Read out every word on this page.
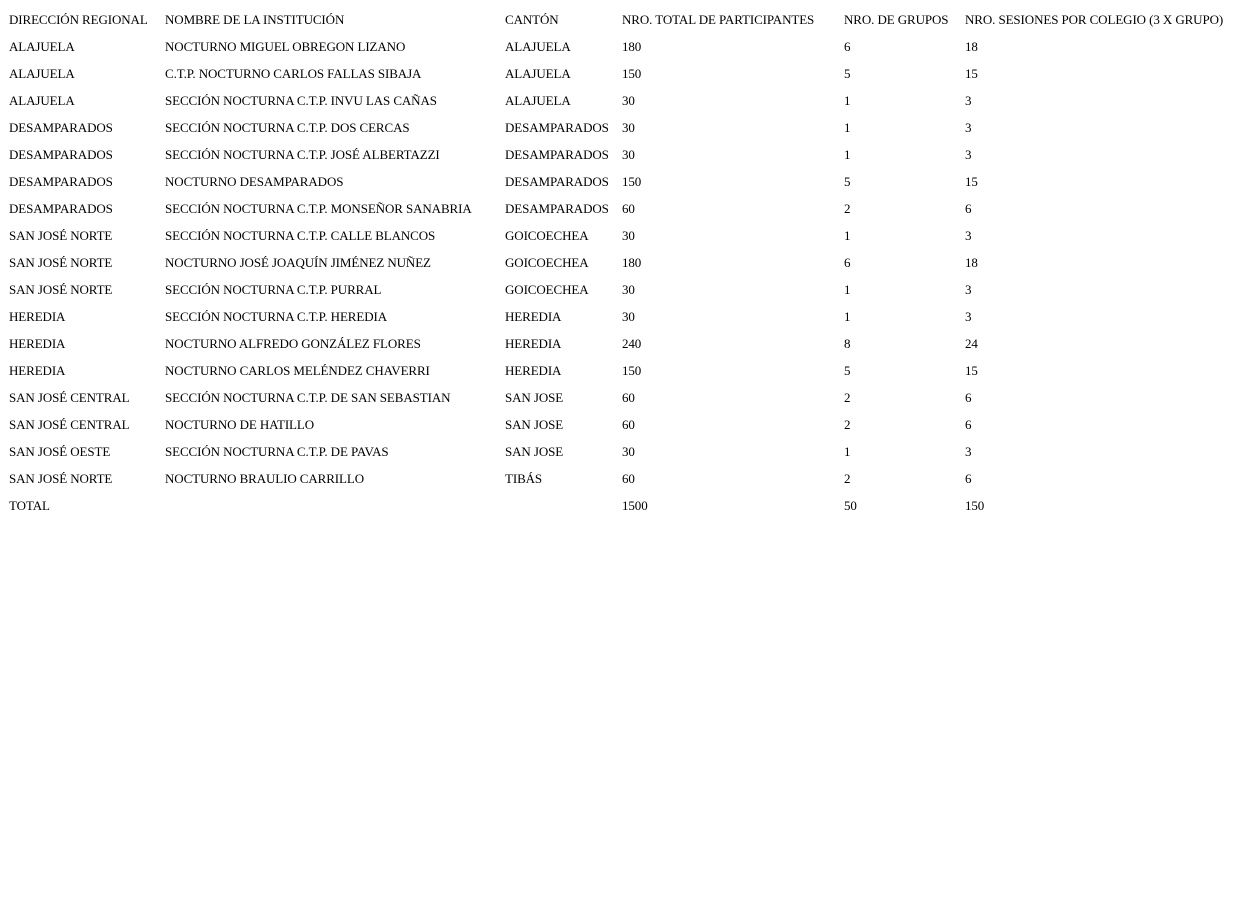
DIRECCIÓN REGIONAL	NOMBRE DE LA INSTITUCIÓN	CANTÓN	NRO. TOTAL DE PARTICIPANTES	NRO. DE GRUPOS	NRO. SESIONES POR COLEGIO (3 X GRUPO)
ALAJUELA	NOCTURNO MIGUEL OBREGON LIZANO	ALAJUELA	180	6	18
ALAJUELA	C.T.P. NOCTURNO CARLOS FALLAS SIBAJA	ALAJUELA	150	5	15
ALAJUELA	SECCIÓN NOCTURNA C.T.P. INVU LAS CAÑAS	ALAJUELA	30	1	3
DESAMPARADOS	SECCIÓN NOCTURNA C.T.P. DOS CERCAS	DESAMPARADOS	30	1	3
DESAMPARADOS	SECCIÓN NOCTURNA C.T.P. JOSÉ ALBERTAZZI	DESAMPARADOS	30	1	3
DESAMPARADOS	NOCTURNO DESAMPARADOS	DESAMPARADOS	150	5	15
DESAMPARADOS	SECCIÓN NOCTURNA C.T.P. MONSEÑOR SANABRIA	DESAMPARADOS	60	2	6
SAN JOSÉ NORTE	SECCIÓN NOCTURNA C.T.P. CALLE BLANCOS	GOICOECHEA	30	1	3
SAN JOSÉ NORTE	NOCTURNO JOSÉ JOAQUÍN JIMÉNEZ NUÑEZ	GOICOECHEA	180	6	18
SAN JOSÉ NORTE	SECCIÓN NOCTURNA C.T.P. PURRAL	GOICOECHEA	30	1	3
HEREDIA	SECCIÓN NOCTURNA C.T.P. HEREDIA	HEREDIA	30	1	3
HEREDIA	NOCTURNO ALFREDO GONZÁLEZ FLORES	HEREDIA	240	8	24
HEREDIA	NOCTURNO CARLOS MELÉNDEZ CHAVERRI	HEREDIA	150	5	15
SAN JOSÉ CENTRAL	SECCIÓN NOCTURNA C.T.P. DE SAN SEBASTIAN	SAN JOSE	60	2	6
SAN JOSÉ CENTRAL	NOCTURNO DE HATILLO	SAN JOSE	60	2	6
SAN JOSÉ OESTE	SECCIÓN NOCTURNA C.T.P. DE PAVAS	SAN JOSE	30	1	3
SAN JOSÉ NORTE	NOCTURNO BRAULIO CARRILLO	TIBÁS	60	2	6
TOTAL			1500	50	150
